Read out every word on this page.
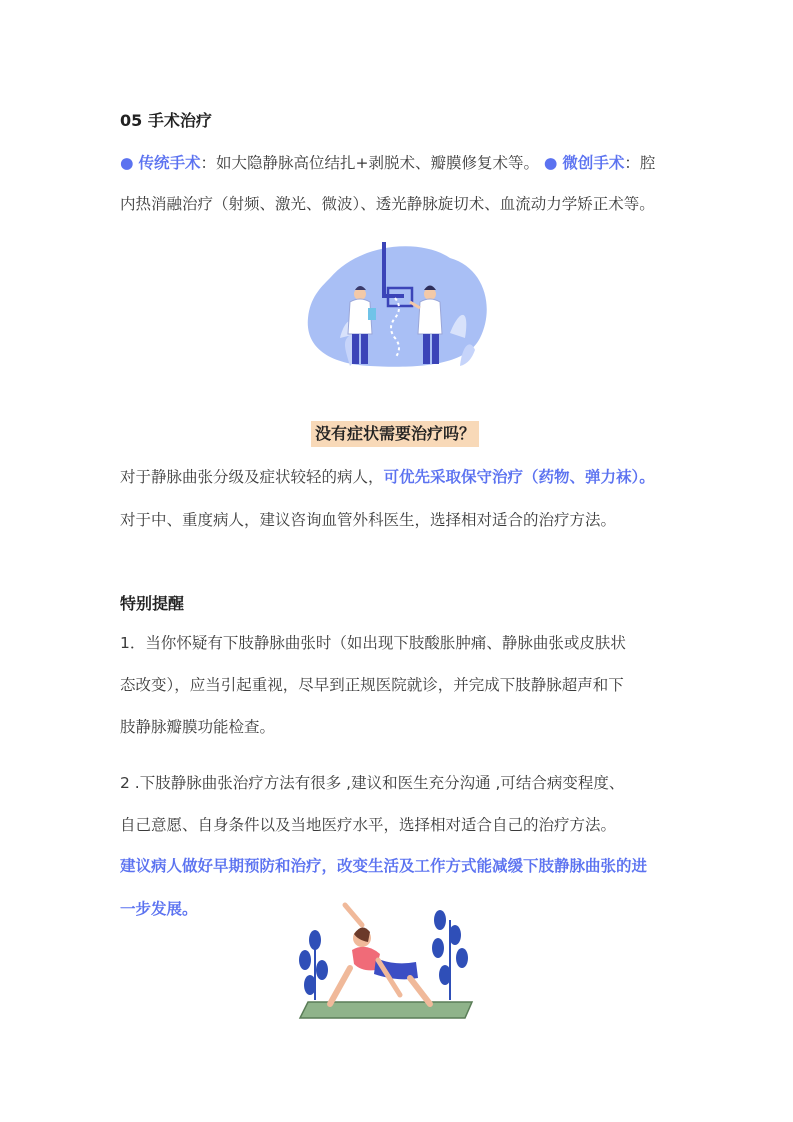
05 手术治疗
● 传统手术：如大隐静脉高位结扎+剥脱术、瓣膜修复术等。 ● 微创手术：腔
内热消融治疗（射频、激光、微波）、透光静脉旋切术、血流动力学矫正术等。
没有症状需要治疗吗？
对于静脉曲张分级及症状较轻的病人，可优先采取保守治疗（药物、弹力袜）。
对于中、重度病人，建议咨询血管外科医生，选择相对适合的治疗方法。
特别提醒
1．当你怀疑有下肢静脉曲张时（如出现下肢酸胀肿痛、静脉曲张或皮肤状
态改变），应当引起重视，尽早到正规医院就诊，并完成下肢静脉超声和下
肢静脉瓣膜功能检查。
2 .下肢静脉曲张治疗方法有很多 ,建议和医生充分沟通 ,可结合病变程度、
自己意愿、自身条件以及当地医疗水平，选择相对适合自己的治疗方法。
建议病人做好早期预防和治疗，改变生活及工作方式能减缓下肢静脉曲张的进
一步发展。
